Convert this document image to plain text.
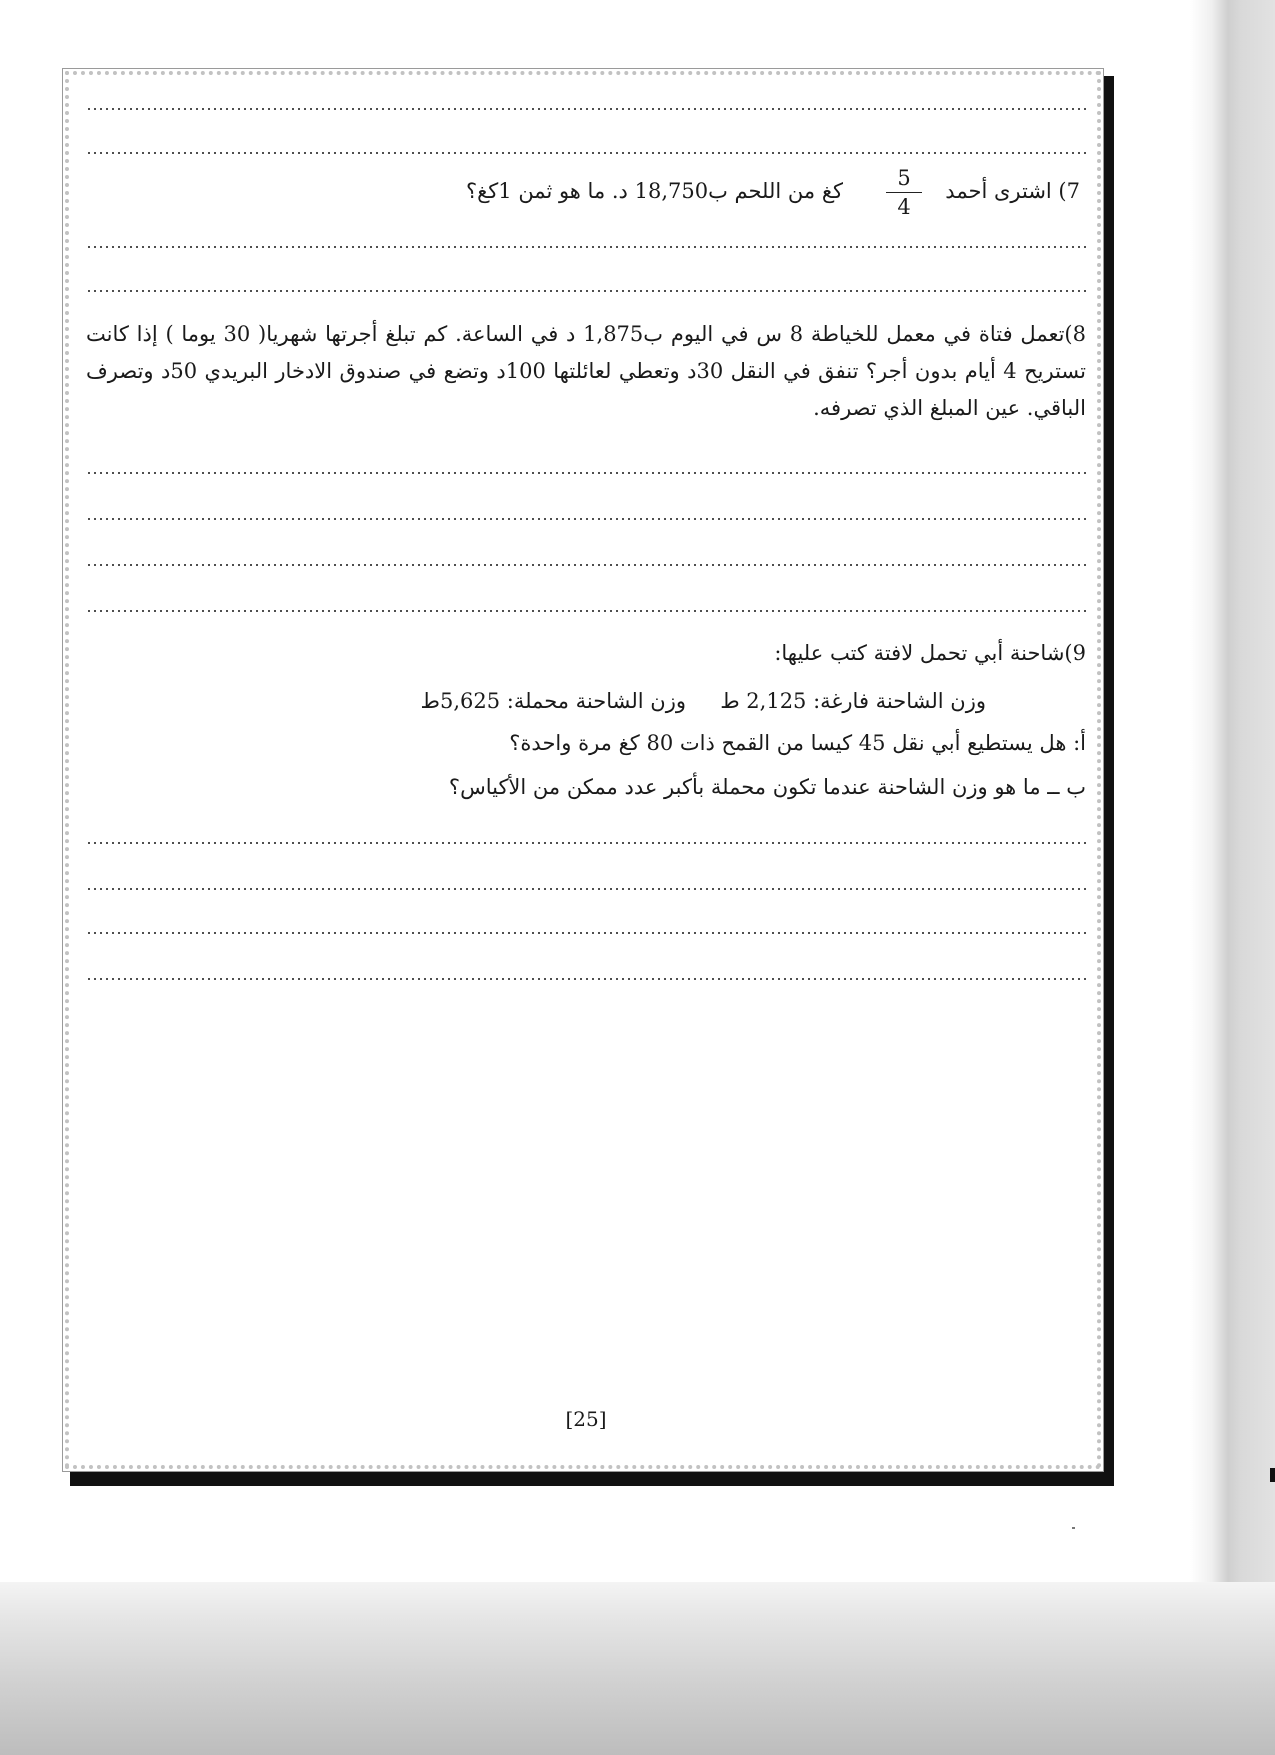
7) اشترى أحمد
5
4
كغ من اللحم ب18,750 د. ما هو ثمن 1كغ؟
8)تعمل فتاة في معمل للخياطة 8 س في اليوم ب1,875 د في الساعة. كم تبلغ أجرتها شهريا( 30 يوما ) إذا كانت تستريح 4 أيام بدون أجر؟ تنفق في النقل 30د وتعطي لعائلتها 100د وتضع في صندوق الادخار البريدي 50د وتصرف الباقي. عين المبلغ الذي تصرفه.
9)شاحنة أبي تحمل لافتة كتب عليها:
وزن الشاحنة فارغة: 2,125 ط
وزن الشاحنة محملة: 5,625ط
أ: هل يستطيع أبي نقل 45 كيسا من القمح ذات 80 كغ مرة واحدة؟
ب ــ ما هو وزن الشاحنة عندما تكون محملة بأكبر عدد ممكن من الأكياس؟
[25]
